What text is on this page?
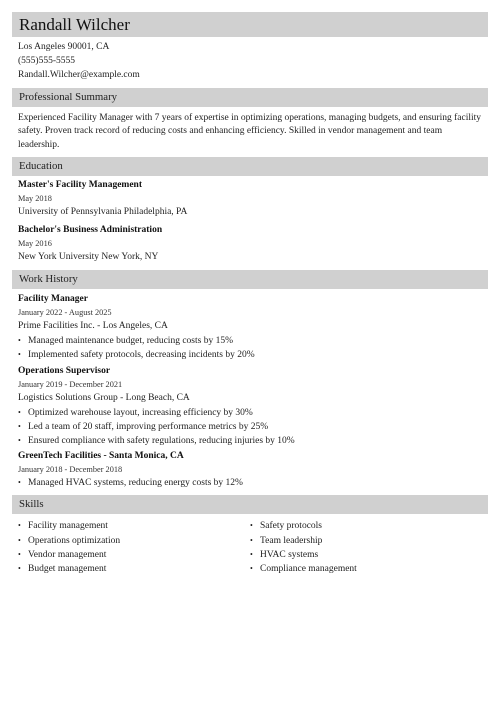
Randall Wilcher
Los Angeles 90001, CA
(555)555-5555
Randall.Wilcher@example.com
Professional Summary
Experienced Facility Manager with 7 years of expertise in optimizing operations, managing budgets, and ensuring facility safety. Proven track record of reducing costs and enhancing efficiency. Skilled in vendor management and team leadership.
Education
Master's Facility Management
May 2018
University of Pennsylvania Philadelphia, PA
Bachelor's Business Administration
May 2016
New York University New York, NY
Work History
Facility Manager
January 2022 - August 2025
Prime Facilities Inc. - Los Angeles, CA
• Managed maintenance budget, reducing costs by 15%
• Implemented safety protocols, decreasing incidents by 20%
Operations Supervisor
January 2019 - December 2021
Logistics Solutions Group - Long Beach, CA
• Optimized warehouse layout, increasing efficiency by 30%
• Led a team of 20 staff, improving performance metrics by 25%
• Ensured compliance with safety regulations, reducing injuries by 10%
GreenTech Facilities - Santa Monica, CA
January 2018 - December 2018
• Managed HVAC systems, reducing energy costs by 12%
Skills
• Facility management
• Operations optimization
• Vendor management
• Budget management
• Safety protocols
• Team leadership
• HVAC systems
• Compliance management
